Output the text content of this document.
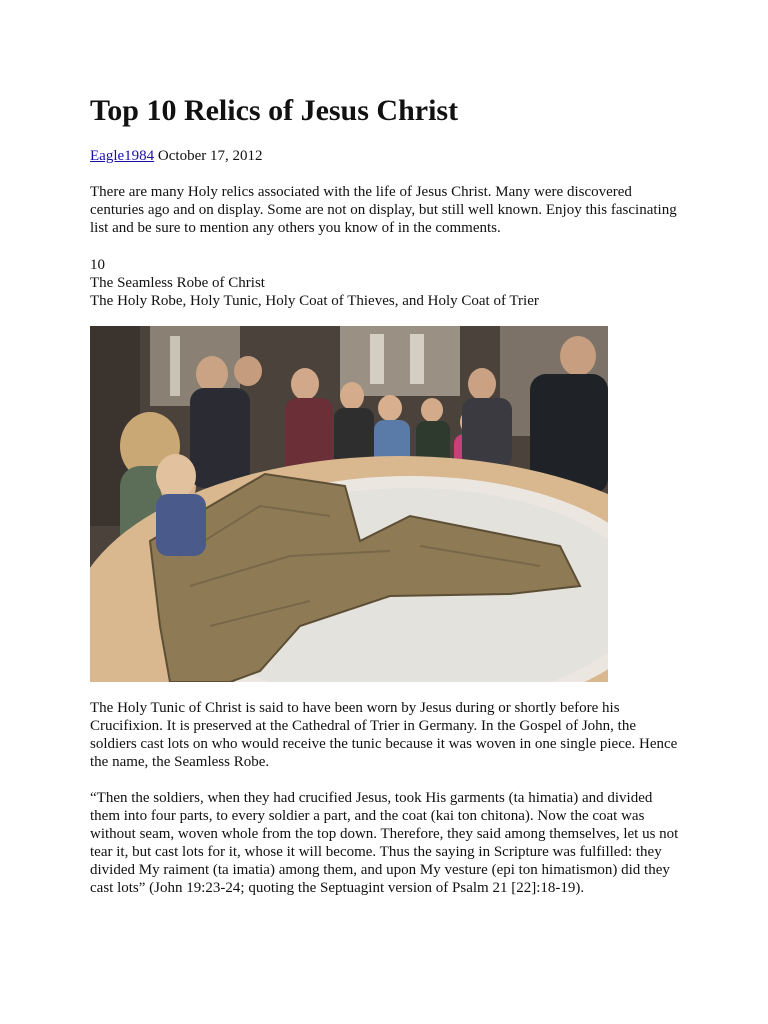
Top 10 Relics of Jesus Christ
Eagle1984 October 17, 2012

There are many Holy relics associated with the life of Jesus Christ. Many were discovered centuries ago and on display. Some are not on display, but still well known. Enjoy this fascinating list and be sure to mention any others you know of in the comments.

10
The Seamless Robe of Christ
The Holy Robe, Holy Tunic, Holy Coat of Thieves, and Holy Coat of Trier

The Holy Tunic of Christ is said to have been worn by Jesus during or shortly before his Crucifixion. It is preserved at the Cathedral of Trier in Germany. In the Gospel of John, the soldiers cast lots on who would receive the tunic because it was woven in one single piece. Hence the name, the Seamless Robe.

“Then the soldiers, when they had crucified Jesus, took His garments (ta himatia) and divided them into four parts, to every soldier a part, and the coat (kai ton chitona). Now the coat was without seam, woven whole from the top down. Therefore, they said among themselves, let us not tear it, but cast lots for it, whose it will become. Thus the saying in Scripture was fulfilled: they divided My raiment (ta imatia) among them, and upon My vesture (epi ton himatismon) did they cast lots” (John 19:23-24; quoting the Septuagint version of Psalm 21 [22]:18-19).
